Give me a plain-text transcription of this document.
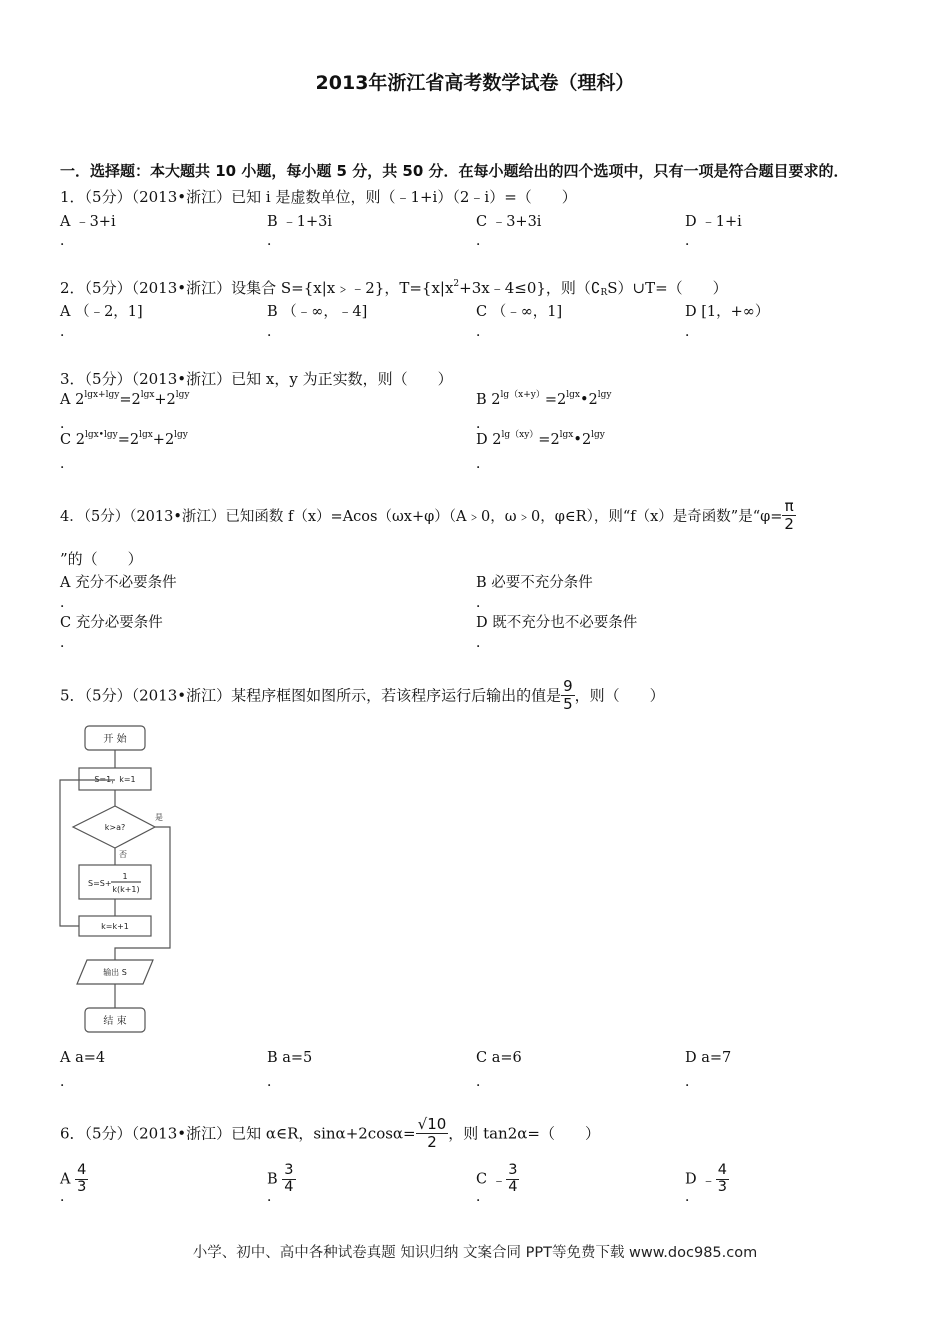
2013年浙江省高考数学试卷（理科）
一．选择题：本大题共 10 小题，每小题 5 分，共 50 分．在每小题给出的四个选项中，只有一项是符合题目要求的．
1．（5分）（2013•浙江）已知 i 是虚数单位，则（﹣1+i）（2﹣i）=（　　）
A ﹣3+i	B ﹣1+3i	C ﹣3+3i	D ﹣1+i
．	．	．	．
2．（5分）（2013•浙江）设集合 S={x|x﹥﹣2}，$T=\{x|x^2+3x﹣4\le 0\}$，则$(∁_RS)\cup T=$（　　）
A （﹣2，1]	B （﹣∞，﹣4]	C （﹣∞，1]	D [1，+∞）
．	．	．	．
3．（5分）（2013•浙江）已知 x，y 为正实数，则（　　）
A $2^{lgx+lgy}=2^{lgx}+2^{lgy}$	B $2^{lg(x+y)}=2^{lgx}•2^{lgy}$
．	．
C $2^{lgx•lgy}=2^{lgx}+2^{lgy}$	D $2^{lg(xy)}=2^{lgx}•2^{lgy}$
．	．
4．（5分）（2013•浙江）已知函数 f（x）=Acos（ωx+φ）（A﹥0，ω﹥0，φ∈R），则“f（x）是奇函数”是“$\varphi= \frac{\pi}{2}$
”的（　　）
A 充分不必要条件	B 必要不充分条件
．	．
C 充分必要条件	D 既不充分也不必要条件
．	．
5．（5分）（2013•浙江）某程序框图如图所示，若该程序运行后输出的值是 $\frac{9}{5}$ ，则（　　）
开 始
S=1，k=1
k>a?
是
否
S=S+
1
k(k+1)
k=k+1
输出 S
结 束
A a=4	B a=5	C a=6	D a=7
．	．	．	．
6．（5分）（2013•浙江）已知 α∈R，$\sin\alpha+2\cos\alpha= \frac{√10}{2}$ ，则 tan2α=（　　）
A $\frac{4}{3}$	B $\frac{3}{4}$	C ﹣ $\frac{3}{4}$	D ﹣ $\frac{4}{3}$
．	．	．	．
小学、初中、高中各种试卷真题 知识归纳 文案合同 PPT等免费下载 www.doc985.com
